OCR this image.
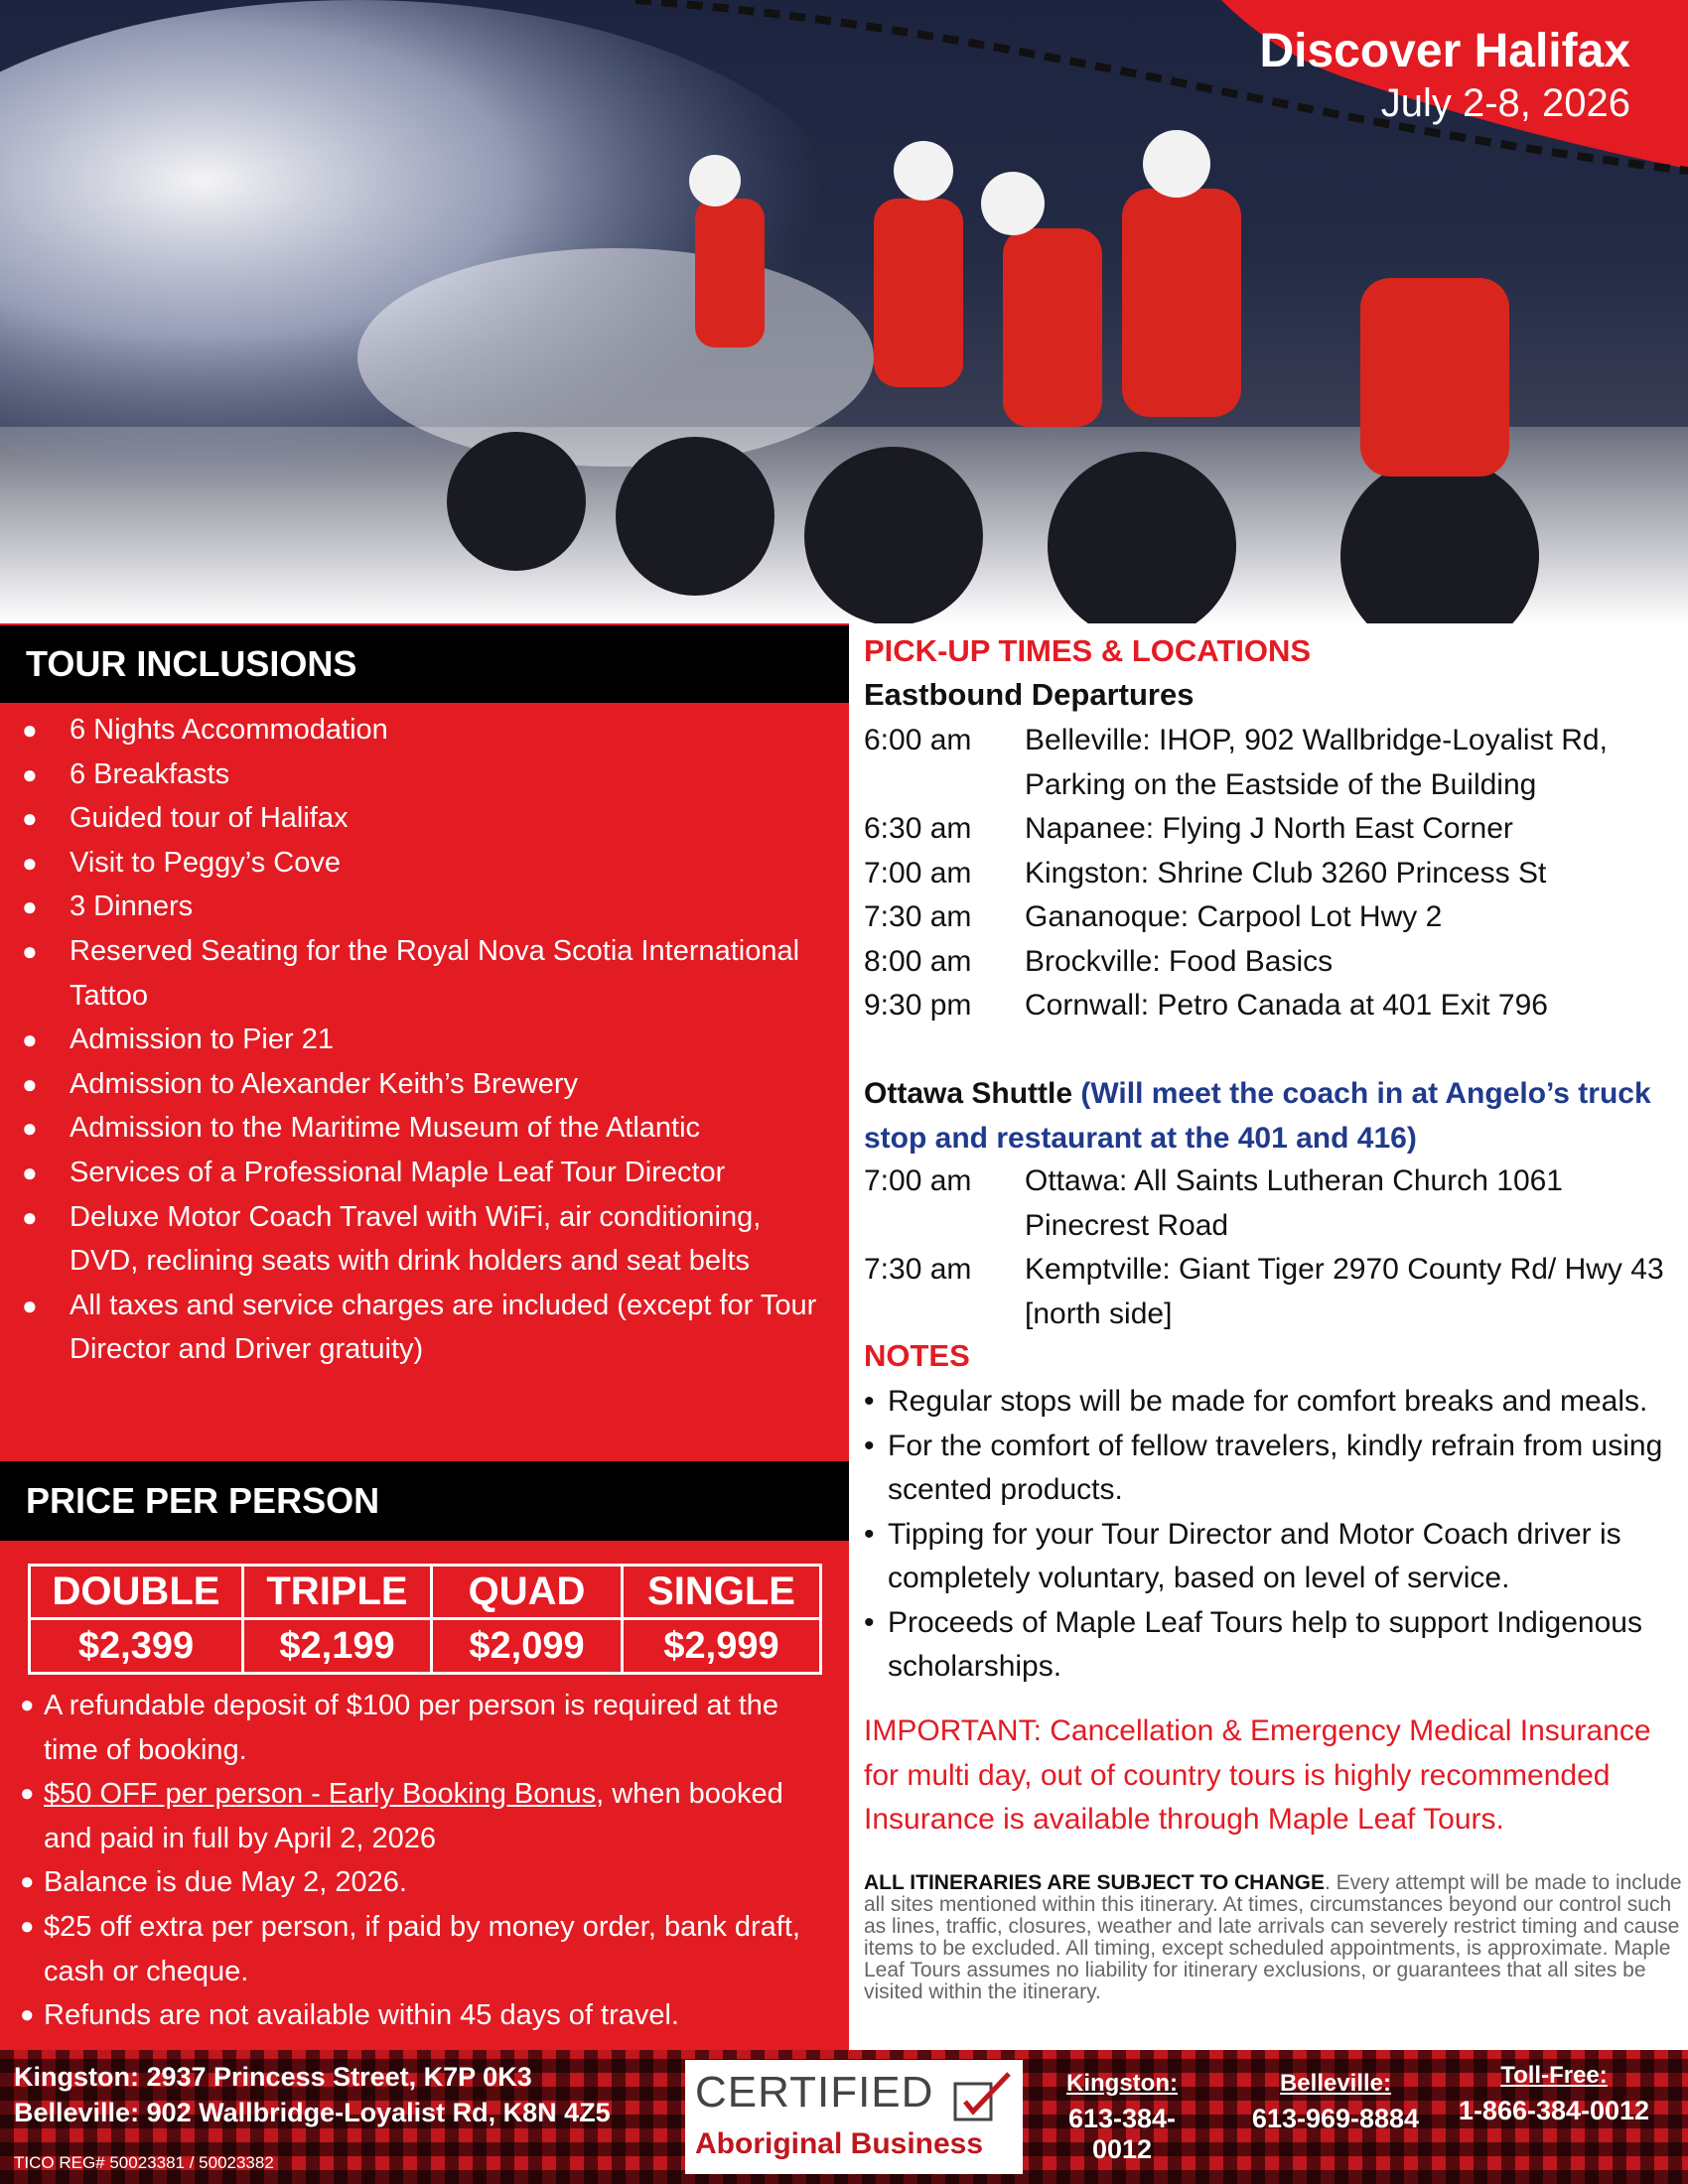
Discover Halifax
July 2-8, 2026
TOUR INCLUSIONS
● 6 Nights Accommodation
● 6 Breakfasts
● Guided tour of Halifax
● Visit to Peggy’s Cove
● 3 Dinners
● Reserved Seating for the Royal Nova Scotia International Tattoo
● Admission to Pier 21
● Admission to Alexander Keith’s Brewery
● Admission to the Maritime Museum of the Atlantic
● Services of a Professional Maple Leaf Tour Director
● Deluxe Motor Coach Travel with WiFi, air conditioning, DVD, reclining seats with drink holders and seat belts
● All taxes and service charges are included (except for Tour Director and Driver gratuity)
PRICE PER PERSON
DOUBLE	TRIPLE	QUAD	SINGLE
$2,399	$2,199	$2,099	$2,999
● A refundable deposit of $100 per person is required at the time of booking.
● $50 OFF per person - Early Booking Bonus, when booked and paid in full by April 2, 2026
● Balance is due May 2, 2026.
● $25 off extra per person, if paid by money order, bank draft, cash or cheque.
● Refunds are not available within 45 days of travel.
PICK-UP TIMES & LOCATIONS
Eastbound Departures
6:00 am	Belleville: IHOP, 902 Wallbridge-Loyalist Rd, Parking on the Eastside of the Building
6:30 am	Napanee: Flying J North East Corner
7:00 am	Kingston: Shrine Club 3260 Princess St
7:30 am	Gananoque: Carpool Lot Hwy 2
8:00 am	Brockville: Food Basics
9:30 pm	Cornwall: Petro Canada at 401 Exit 796
Ottawa Shuttle (Will meet the coach in at Angelo’s truck stop and restaurant at the 401 and 416)
7:00 am	Ottawa: All Saints Lutheran Church 1061 Pinecrest Road
7:30 am	Kemptville: Giant Tiger 2970 County Rd/ Hwy 43 [north side]
NOTES
• Regular stops will be made for comfort breaks and meals.
• For the comfort of fellow travelers, kindly refrain from using scented products.
• Tipping for your Tour Director and Motor Coach driver is completely voluntary, based on level of service.
• Proceeds of Maple Leaf Tours help to support Indigenous scholarships.
IMPORTANT: Cancellation & Emergency Medical Insurance for multi day, out of country tours is highly recommended Insurance is available through Maple Leaf Tours.
ALL ITINERARIES ARE SUBJECT TO CHANGE. Every attempt will be made to include all sites mentioned within this itinerary. At times, circumstances beyond our control such as lines, traffic, closures, weather and late arrivals can severely restrict timing and cause items to be excluded. All timing, except scheduled appointments, is approximate. Maple Leaf Tours assumes no liability for itinerary exclusions, or guarantees that all sites be visited within the itinerary.
Kingston: 2937 Princess Street, K7P 0K3
Belleville: 902 Wallbridge-Loyalist Rd, K8N 4Z5
TICO REG# 50023381 / 50023382
CERTIFIED
Aboriginal Business
Kingston:
613-384-0012
Belleville:
613-969-8884
Toll-Free:
1-866-384-0012
